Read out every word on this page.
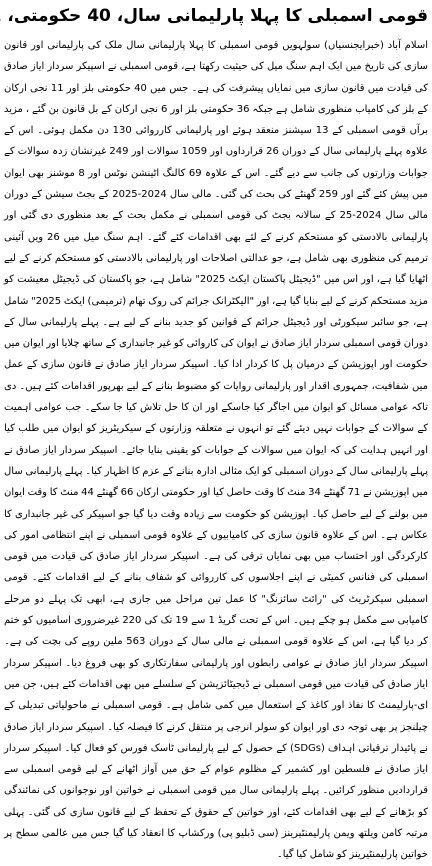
قومی اسمبلی کا پہلا پارلیمانی سال، 40 حکومتی،

اسلام آباد (خبرایجنسیاں) سولہویں قومی اسمبلی کا پہلا پارلیمانی سال ملک کی پارلیمانی اور قانون سازی کی تاریخ میں ایک اہم سنگ میل کی حیثیت رکھتا ہے، قومی اسمبلی نے اسپیکر سردار ایاز صادق کی قیادت میں قانون سازی میں نمایاں پیشرفت کی ہے۔ جس میں 40 حکومتی بلز اور 11 نجی ارکان کے بلز کی کامیاب منظوری شامل ہے جبکہ 36 حکومتی بلز اور 6 نجی ارکان کے بل قانون بن گئے ، مزید برآں قومی اسمبلی کے 13 سیشنز منعقد ہوئے اور پارلیمانی کارروائی 130 دن مکمل ہوئی۔ اس کے علاوہ پہلے پارلیمانی سال کے دوران 26 قرارداوں اور 1059 سوالات اور 249 غیرنشان زدہ سوالات کے جوابات وزارتوں کی جانب سے دیے گئے۔ اس کے علاوہ 69 کالنگ اٹینشن نوٹس اور 8 موشنز بھی ایوان میں پیش کئے گئے اور 259 گھنٹے کی بحث کی گئی۔ مالی سال 2024-2025 کے بجٹ سیشن کے دوران مالی سال 2024-25 کے سالانہ بجٹ کی قومی اسمبلی نے مکمل بحث کے بعد منظوری دی گئی اور پارلیمانی بالادستی کو مستحکم کرنے کے لئے بھی اقدامات کئے گئے۔ اہم سنگ میل میں 26 ویں آئینی ترمیم کی منظوری بھی شامل ہے، جو عدالتی اصلاحات اور پارلیمانی بالادستی کو مستحکم کرنے کے لیے اٹھایا گیا ہے، اور اس میں "ڈیجیٹل پاکستان ایکٹ 2025" شامل ہے، جو پاکستان کی ڈیجیٹل معیشت کو مزید مستحکم کرنے کے لیے بنایا گیا ہے، اور "الیکٹرانک جرائم کی روک تھام (ترمیمی) ایکٹ 2025" شامل ہے، جو سائبر سیکورٹی اور ڈیجیٹل جرائم کے قوانین کو جدید بنانے کے لیے ہے۔ پہلے پارلیمانی سال کے دوران قومی اسمبلی سردار ایاز صادق نے ایوان کی کاروائی کو غیر جانبداری کے ساتھ چلایا اور ایوان میں حکومت اور اپوزیشن کے درمیان پل کا کردار ادا کیا۔ اسپیکر سردار ایاز صادق نے قانون سازی کے عمل میں شفافیت، جمہوری اقدار اور پارلیمانی روایات کو مضبوط بنانے کے لیے بھرپور اقدامات کئے ہیں۔ دی تاکہ عوامی مسائل کو ایوان میں اجاگر کیا جاسکے اور ان کا حل تلاش کیا جا سکے۔ جب عوامی اہمیت کے سوالات کے جوابات نہیں دیئے گئے تو انہوں نے متعلقہ وزارتوں کے سیکریٹریز کو ایوان میں طلب کیا اور انہیں ہدایت کی کہ ایوان میں سوالات کے جوابات کو یقینی بنایا جائے۔ اسپیکر سردار ایاز صادق نے پہلے پارلیمانی سال کے دوران اسمبلی کو ایک مثالی ادارہ بنانے کے عزم کا اظہار کیا۔ پہلے پارلیمانی سال میں اپوزیشن نے 71 گھنٹے 34 منٹ کا وقت حاصل کیا اور حکومتی ارکان 66 گھنٹے 44 منٹ کا وقت ایوان میں بولنے کے لیے حاصل کیا۔ اپوزیشن کو حکومت سے زیادہ وقت دیا گیا جو اسپیکر کی غیر جانبداری کا عکاس ہے۔ اس کے علاوہ قانون سازی کی کامیابیوں کے علاوہ قومی اسمبلی نے اپنے انتظامی امور کی کارکردگی اور احتساب میں بھی نمایاں ترقی کی ہے۔ اسپیکر سردار ایاز صادق کی قیادت میں قومی اسمبلی کی فنانس کمیٹی نے اپنے اجلاسوں کی کارروائی کو شفاف بنانے کے لیے اقدامات کئے۔ قومی اسمبلی سیکرٹریٹ کی "رائٹ سائزنگ" کا عمل تین مراحل میں جاری ہے، ابھی تک پہلے دو مرحلے کامیابی سے مکمل ہو چکے ہیں۔ اس کے تحت گریڈ 1 سے 19 تک کی 220 غیرضروری اسامیوں کو ختم کر دیا گیا ہے، اس کے علاوہ قومی اسمبلی نے مالی سال کے دوران 563 ملین روپے کی بچت کی ہے۔ اسپیکر سردار ایاز صادق نے عوامی رابطوں اور پارلیمانی سفارتکاری کو بھی فروغ دیا۔ اسپیکر سردار ایاز صادق کی قیادت میں قومی اسمبلی نے ڈیجیٹائزیشن کے سلسلے میں بھی اقدامات کئے ہیں، جن میں ای-پارلیمنٹ کا نفاذ اور کاغذ کے استعمال میں کمی شامل ہے۔ قومی اسمبلی نے ماحولیاتی تبدیلی کے چیلنجز پر بھی توجہ دی اور ایوان کو سولر انرجی پر منتقل کرنے کا فیصلہ کیا۔ اسپیکر سردار ایاز صادق نے پائیدار ترقیاتی اہداف (SDGs) کے حصول کے لیے پارلیمانی ٹاسک فورس کو فعال کیا۔ اسپیکر سردار ایاز صادق نے فلسطین اور کشمیر کے مظلوم عوام کے حق میں آواز اٹھانے کے لیے قومی اسمبلی سے قراردادیں منظور کرائیں۔ پہلے پارلیمانی سال میں قومی اسمبلی نے خواتین اور نوجوانوں کی نمائندگی کو بڑھانے کے لیے بھی اقدامات کئے، اور خواتین کے حقوق کے تحفظ کے لیے قانون سازی کی گئی۔ پہلی مرتبہ کامن ویلتھ ویمن پارلیمنٹیرینز (سی ڈبلیو پی) ورکشاپ کا انعقاد کیا گیا جس میں عالمی سطح پر خواتین پارلیمنٹیرینز کو شامل کیا گیا۔
